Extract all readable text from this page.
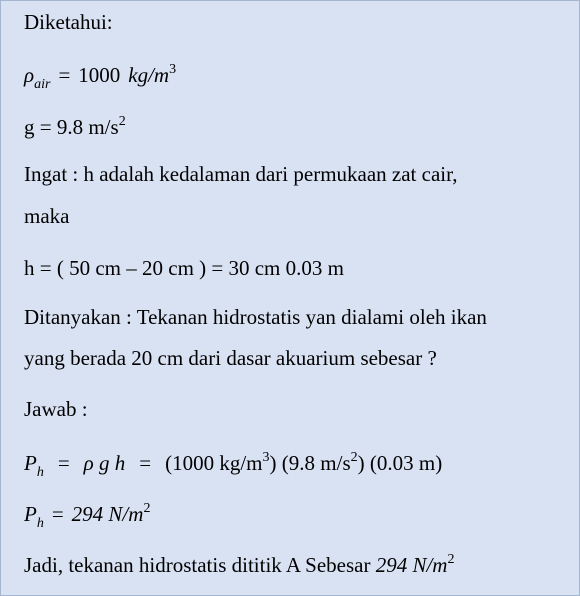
Diketahui:
$\rho_{air} = 1000$ $kg/m^3$
g = 9.8 $m/s^2$
Ingat : h adalah kedalaman dari permukaan zat cair,
maka
h = ( 50 cm – 20 cm ) = 30 cm 0.03 m
Ditanyakan : Tekanan hidrostatis yan dialami oleh ikan
yang berada 20 cm dari dasar akuarium sebesar ?
Jawab :
$P_h = \rho$ g h = (1000 $kg/m^3$) (9.8 $m/s^2$) (0.03 m)
$P_h = 294$ $N/m^2$
Jadi, tekanan hidrostatis dititik A Sebesar 294 $N/m^2$
